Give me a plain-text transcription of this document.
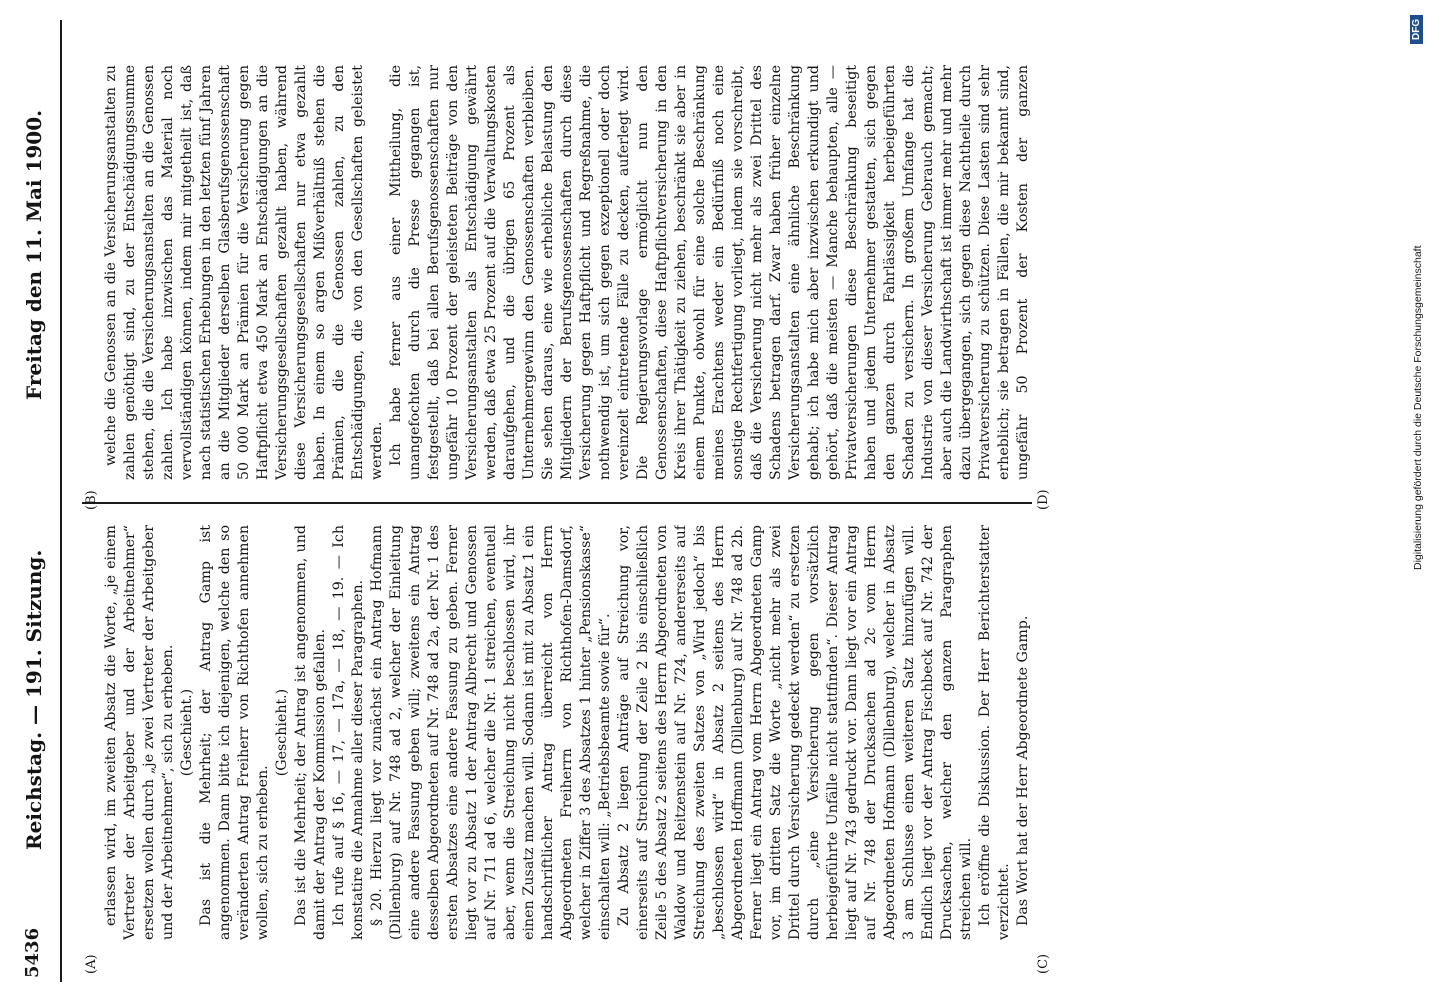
5436
Reichstag. — 191. Sitzung.
Freitag den 11. Mai 1900.
(A)
(B)
(C)
(D)

erlassen wird, im zweiten Absatz die Worte, „je einem Vertreter der Arbeitgeber und der Arbeitnehmer“ ersetzen wollen durch „je zwei Vertreter der Arbeitgeber und der Arbeitnehmer“, sich zu erheben. (Geschieht.) Das ist die Mehrheit; der Antrag Gamp ist angenommen. Dann bitte ich diejenigen, welche den so veränderten Antrag Freiherr von Richthofen annehmen wollen, sich zu erheben.

(Geschieht.) Das ist die Mehrheit; der Antrag ist angenommen, und damit der Antrag der Kommission gefallen. Ich rufe auf § 16, — 17, — 17a, — 18, — 19. — Ich konstatire die Annahme aller dieser Paragraphen. § 20. Hierzu liegt vor zunächst ein Antrag Hofmann (Dillenburg) auf Nr. 748 ad 2, welcher der Einleitung eine andere Fassung geben will; zweitens ein Antrag desselben Abgeordneten auf Nr. 748 ad 2a, der Nr. 1 des ersten Absatzes eine andere Fassung zu geben. Ferner liegt vor zu Absatz 1 der Antrag Albrecht und Genossen auf Nr. 711 ad 6, welcher die Nr. 1 streichen, eventuell aber, wenn die Streichung nicht beschlossen wird, ihr einen Zusatz machen will. Sodann ist mit zu Absatz 1 ein handschriftlicher Antrag überreicht von Herrn Abgeordneten Freiherrn von Richthofen-Damsdorf, welcher in Ziffer 3 des Absatzes 1 hinter „Pensionskasse“ einschalten will: „Betriebsbeamte sowie für“. Zu Absatz 2 liegen Anträge auf Streichung vor, einerseits auf Streichung der Zeile 2 bis einschließlich Zeile 5 des Absatz 2 seitens des Herrn Abgeordneten von Waldow und Reitzenstein auf Nr. 724, andererseits auf Streichung des zweiten Satzes von „Wird jedoch“ bis „beschlossen wird“ in Absatz 2 seitens des Herrn Abgeordneten Hoffmann (Dillenburg) auf Nr. 748 ad 2b. Ferner liegt ein Antrag vom Herrn Abgeordneten Gamp vor, im dritten Satz die Worte „nicht mehr als zwei Drittel durch Versicherung gedeckt werden“ zu ersetzen durch „eine Versicherung gegen vorsätzlich herbeigeführte Unfälle nicht stattfinden“. Dieser Antrag liegt auf Nr. 743 gedruckt vor. Dann liegt vor ein Antrag auf Nr. 748 der Drucksachen ad 2c vom Herrn Abgeordneten Hofmann (Dillenburg), welcher in Absatz 3 am Schlusse einen weiteren Satz hinzufügen will. Endlich liegt vor der Antrag Fischbeck auf Nr. 742 der Drucksachen, welcher den ganzen Paragraphen streichen will. Ich eröffne die Diskussion. Der Herr Berichterstatter verzichtet. Das Wort hat der Herr Abgeordnete Gamp.

welche die Genossen an die Versicherungsanstalten zu zahlen genöthigt sind, zu der Entschädigungssumme stehen, die die Versicherungsanstalten an die Genossen zahlen. Ich habe inzwischen das Material noch vervollständigen können, indem mir mitgetheilt ist, daß nach statistischen Erhebungen in den letzten fünf Jahren an die Mitglieder derselben Glasberufsgenossenschaft 50 000 Mark an Prämien für die Versicherung gegen Haftpflicht etwa 450 Mark an Entschädigungen an die Versicherungsgesellschaften gezahlt haben, während diese Versicherungsgesellschaften nur etwa gezahlt haben. In einem so argen Mißverhältniß stehen die Prämien, die die Genossen zahlen, zu den Entschädigungen, die von den Gesellschaften geleistet werden. Ich habe ferner aus einer Mittheilung, die unangefochten durch die Presse gegangen ist, festgestellt, daß bei allen Berufsgenossenschaften nur ungefähr 10 Prozent der geleisteten Beiträge von den Versicherungsanstalten als Entschädigung gewährt werden, daß etwa 25 Prozent auf die Verwaltungskosten daraufgehen, und die übrigen 65 Prozent als Unternehmergewinn den Genossenschaften verbleiben. Sie sehen daraus, eine wie erhebliche Belastung den Mitgliedern der Berufsgenossenschaften durch diese Versicherung gegen Haftpflicht und Regreßnahme, die nothwendig ist, um sich gegen exzeptionell oder doch vereinzelt eintretende Fälle zu decken, auferlegt wird. Die Regierungsvorlage ermöglicht nun den Genossenschaften, diese Haftpflichtversicherung in den Kreis ihrer Thätigkeit zu ziehen, beschränkt sie aber in einem Punkte, obwohl für eine solche Beschränkung meines Erachtens weder ein Bedürfniß noch eine sonstige Rechtfertigung vorliegt, indem sie vorschreibt, daß die Versicherung nicht mehr als zwei Drittel des Schadens betragen darf. Zwar haben früher einzelne Versicherungsanstalten eine ähnliche Beschränkung gehabt; ich habe mich aber inzwischen erkundigt und gehört, daß die meisten — Manche behaupten, alle — Privatversicherungen diese Beschränkung beseitigt haben und jedem Unternehmer gestatten, sich gegen den ganzen durch Fahrlässigkeit herbeigeführten Schaden zu versichern. In großem Umfange hat die Industrie von dieser Versicherung Gebrauch gemacht; aber auch die Landwirthschaft ist immer mehr und mehr dazu übergegangen, sich gegen diese Nachtheile durch Privatversicherung zu schützen. Diese Lasten sind sehr erheblich; sie betragen in Fällen, die mir bekannt sind, ungefähr 50 Prozent der Kosten der ganzen

Digitalisierung gefördert durch die Deutsche Forschungsgemeinschaft
DFG
